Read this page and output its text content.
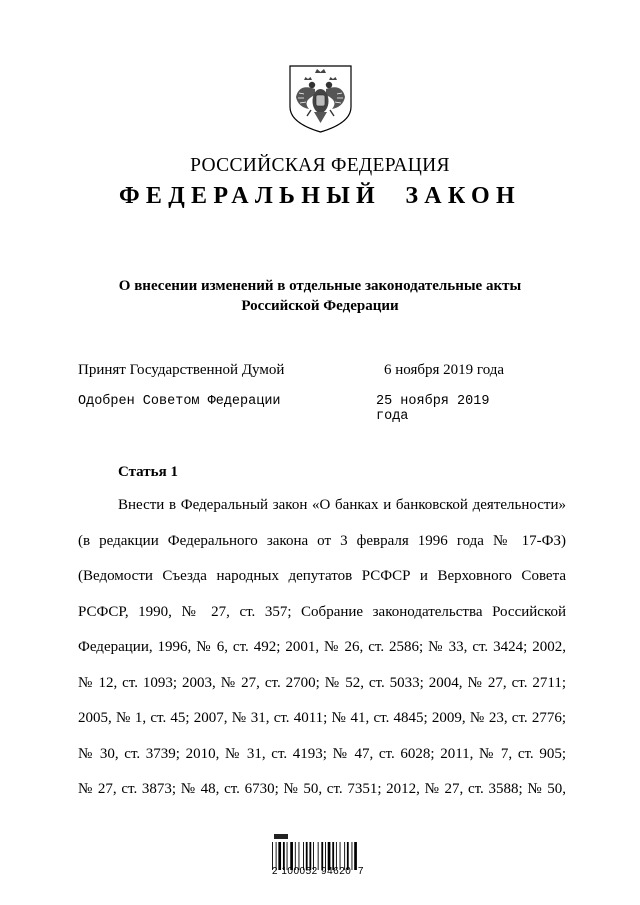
РОССИЙСКАЯ ФЕДЕРАЦИЯ
ФЕДЕРАЛЬНЫЙ ЗАКОН
О внесении изменений в отдельные законодательные акты
Российской Федерации
Принят Государственной Думой	6 ноября 2019 года
Одобрен Советом Федерации	25 ноября 2019 года
Статья 1
Внести в Федеральный закон «О банках и банковской деятельности»
(в редакции Федерального закона от 3 февраля 1996 года № 17-ФЗ)
(Ведомости Съезда народных депутатов РСФСР и Верховного Совета
РСФСР, 1990, № 27, ст. 357; Собрание законодательства Российской
Федерации, 1996, № 6, ст. 492; 2001, № 26, ст. 2586; № 33, ст. 3424; 2002,
№ 12, ст. 1093; 2003, № 27, ст. 2700; № 52, ст. 5033; 2004, № 27, ст. 2711;
2005, № 1, ст. 45; 2007, № 31, ст. 4011; № 41, ст. 4845; 2009, № 23, ст. 2776;
№ 30, ст. 3739; 2010, № 31, ст. 4193; № 47, ст. 6028; 2011, № 7, ст. 905;
№ 27, ст. 3873; № 48, ст. 6730; № 50, ст. 7351; 2012, № 27, ст. 3588; № 50,
2 100052 94620  7
